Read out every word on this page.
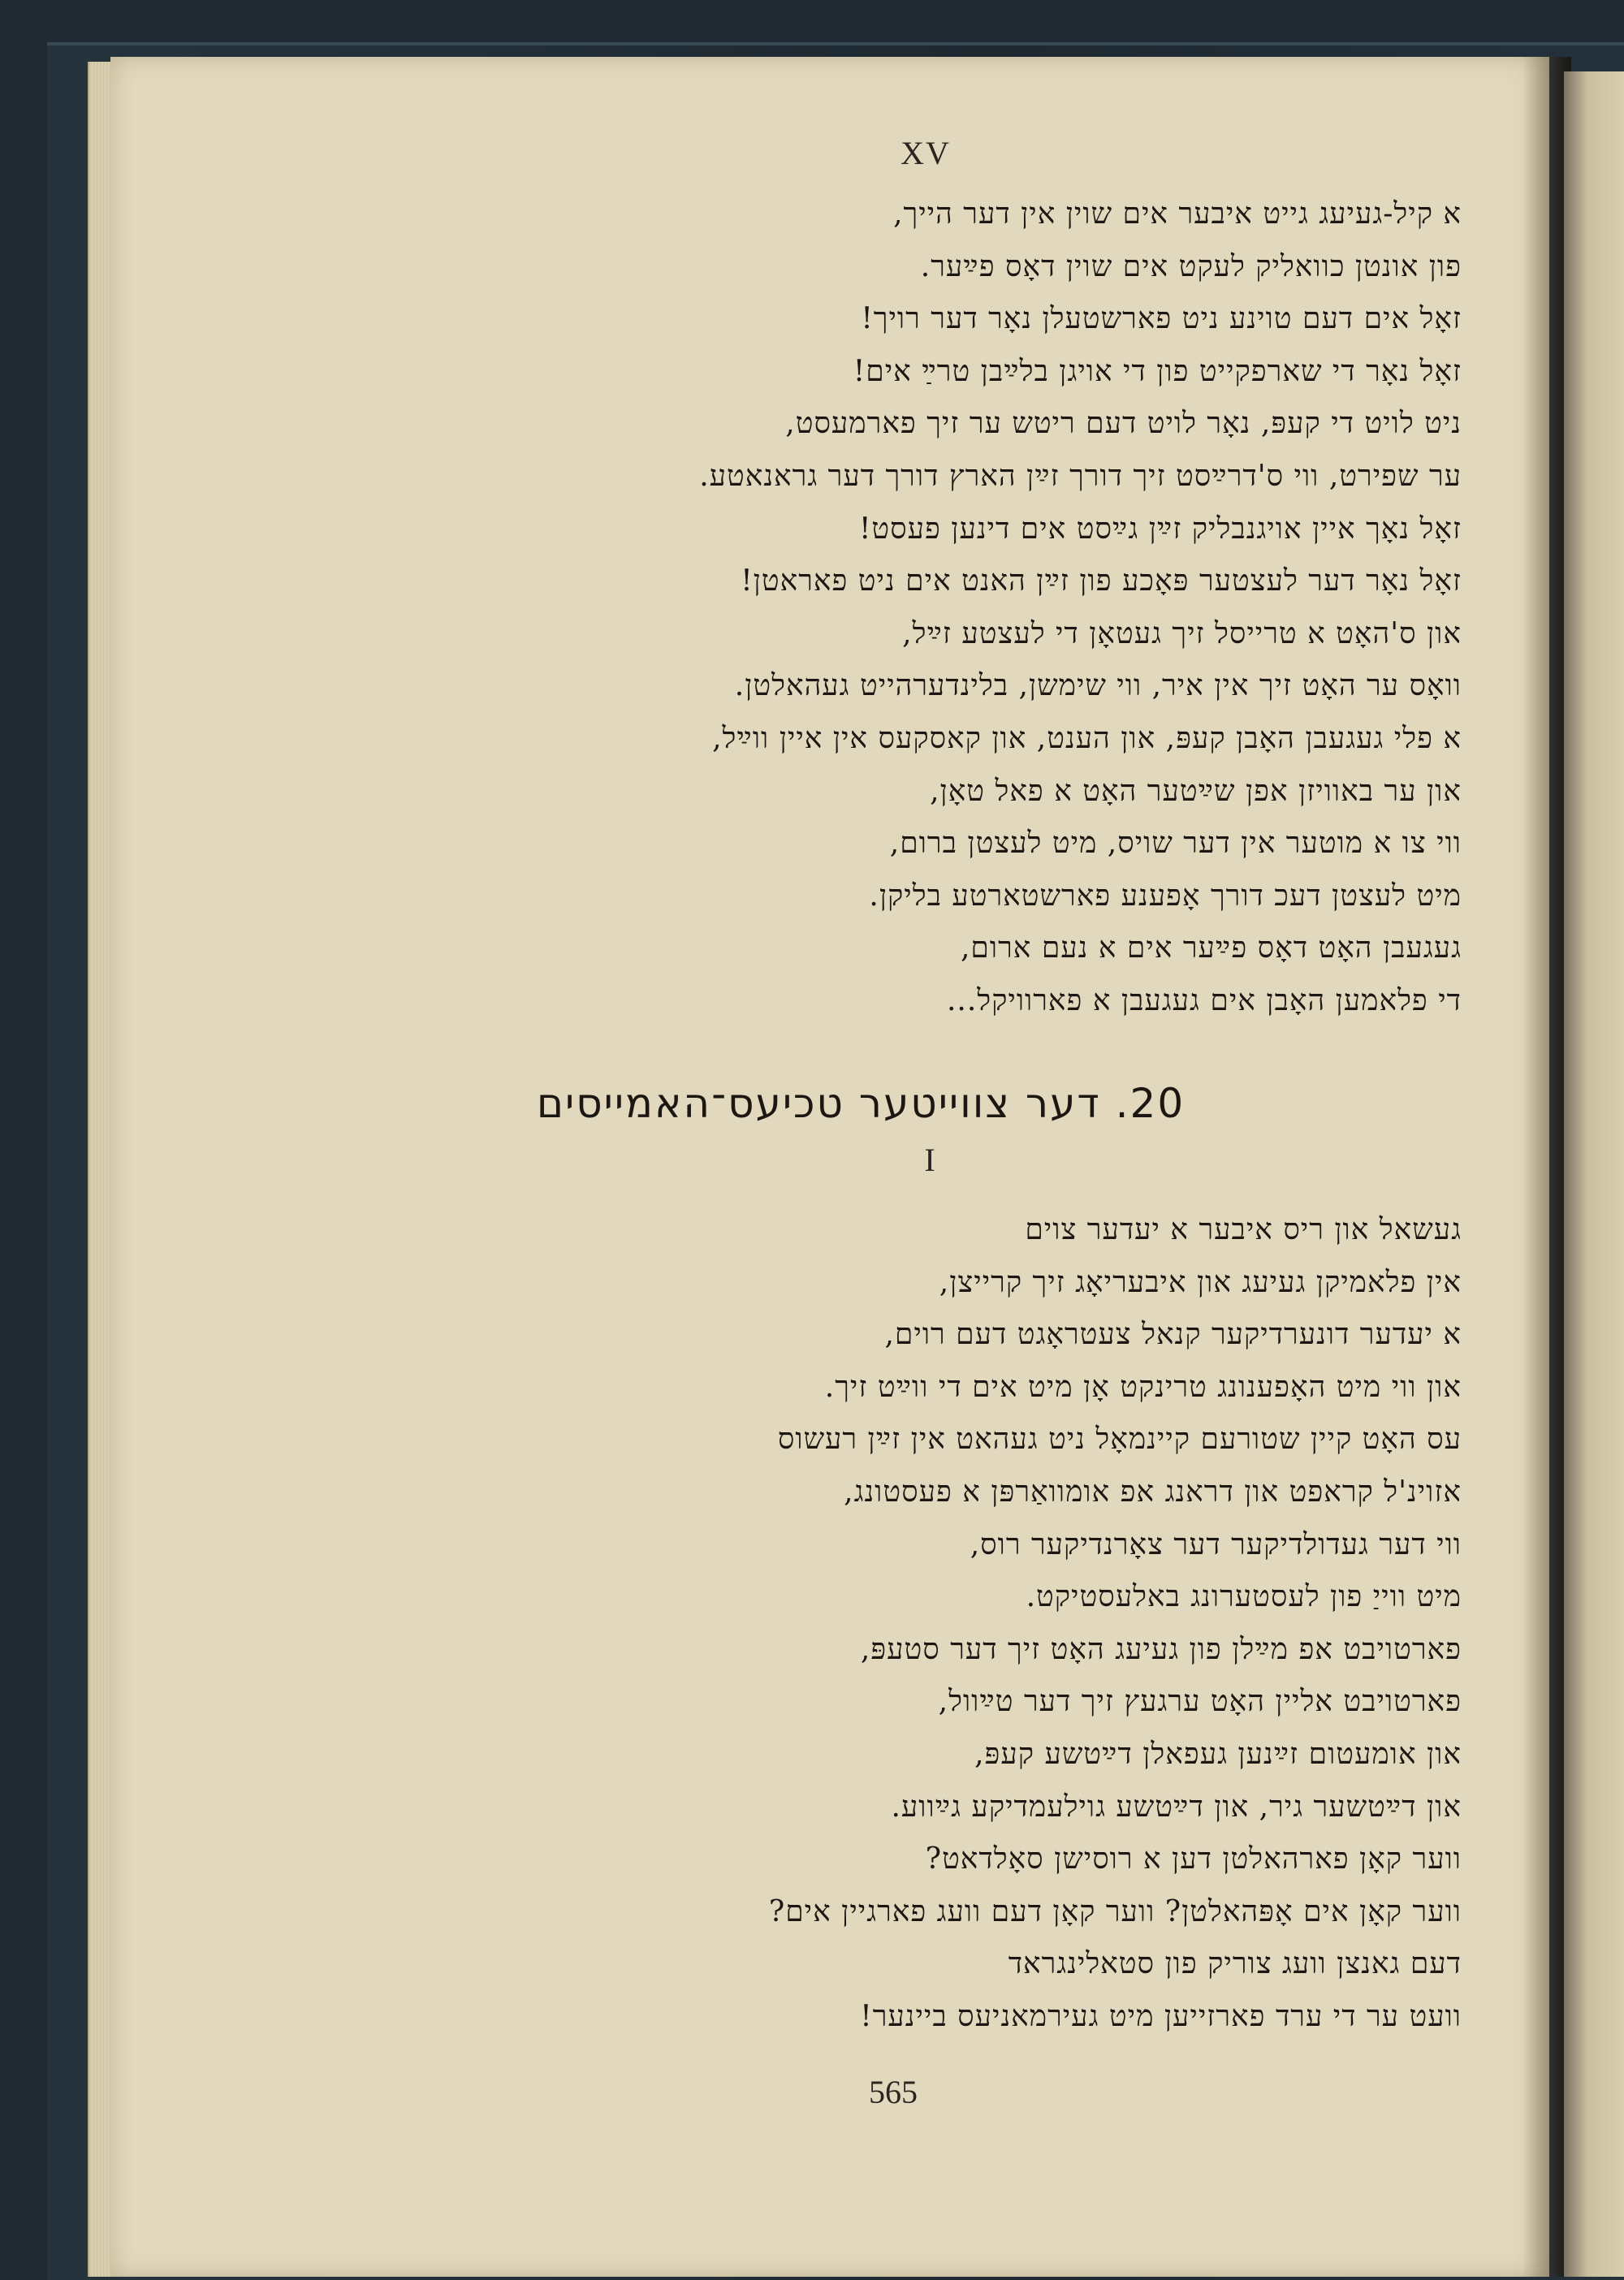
XV
א קיל-געיעג גייט איבער אים שוין אין דער הייך,
פון אונטן כוואליק לעקט אים שוין דאָס פײַער.
זאָל אים דעם טוינע ניט פארשטעלן נאָר דער רויך!
זאָל נאָר די שארפקייט פון די אויגן בלײַבן טרײַ אים!
ניט לויט די קעפּ, נאָר לויט דעם ריטש ער זיך פארמעסט,
ער שפירט, ווי ס'דרײַסט זיך דורך זײַן הארץ דורך דער גראנאטע.
זאָל נאָך איין אויגנבליק זײַן גײַסט אים דינען פעסט!
זאָל נאָר דער לעצטער פּאָכע פון זײַן האנט אים ניט פאראטן!
און ס'האָט א טרייסל זיך געטאָן די לעצטע זײַל,
וואָס ער האָט זיך אין איר, ווי שימשן, בלינדערהייט געהאלטן.
א פלי געגעבן האָבן קעפּ, און הענט, און קאסקעס אין איין ווײַל,
און ער באוויזן אפן שײַטער האָט א פאל טאָן,
ווי צו א מוטער אין דער שויס, מיט לעצטן ברום,
מיט לעצטן דעכ דורך אָפענע פארשטארטע בליקן.
געגעבן האָט דאָס פײַער אים א נעם ארום,
די פלאמען האָבן אים געגעבן א פארוויקל...
20. דער צווייטער טכיעס־האמייסים
I
געשאל און ריס איבער א יעדער צוים
אין פלאמיקן געיעג און איבעריאָג זיך קרייצן,
א יעדער דונערדיקער קנאל צעטראָגט דעם רוים,
און ווי מיט האָפענונג טרינקט אָן מיט אים די ווײַט זיך.
עס האָט קיין שטורעם קיינמאָל ניט געהאט אין זײַן רעשוס
אזוינ'ל קראפט און דראנג אפ אומוואַרפּן א פעסטונג,
ווי דער געדולדיקער דער צאָרנדיקער רוס,
מיט ווייַ פון לעסטערונג באלעסטיקט.
פארטויבט אפ מײַלן פון געיעג האָט זיך דער סטעפּ,
פארטויבט אליין האָט ערגעץ זיך דער טײַוול,
און אומעטום זײַנען געפאלן דײַטשע קעפּ,
און דײַטשער גיר, און דײַטשע גוילעמדיקע גײַווע.
ווער קאָן פארהאלטן דען א רוסישן סאָלדאט?
ווער קאָן אים אָפּהאלטן? ווער קאָן דעם וועג פארגיין אים?
דעם גאנצן וועג צוריק פון סטאלינגראד
וועט ער די ערד פארזייען מיט געירמאניעס ביינער!
565
